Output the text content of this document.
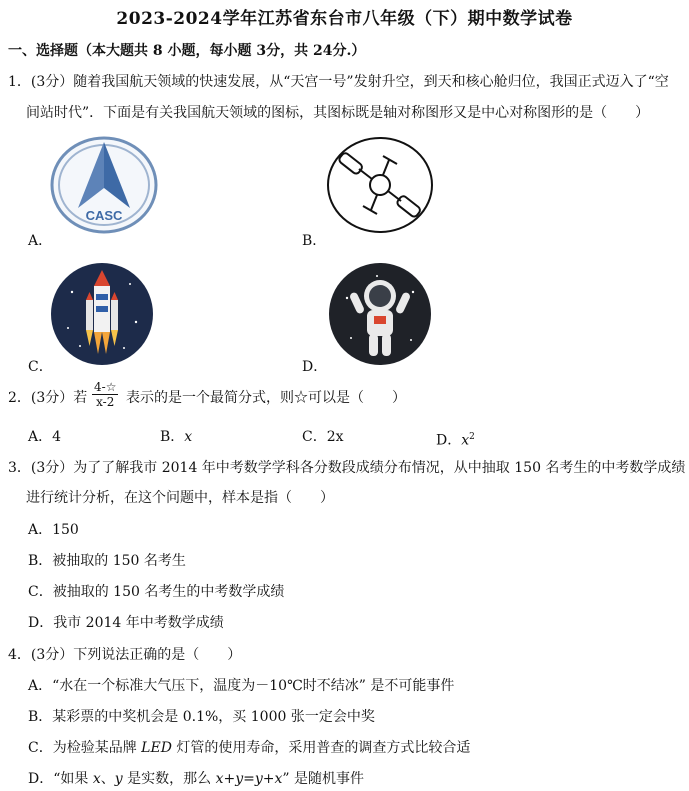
2023-2024学年江苏省东台市八年级（下）期中数学试卷
一、选择题（本大题共 8 小题，每小题 3分，共 24分.）
1．(3分）随着我国航天领域的快速发展，从“天宫一号”发射升空，到天和核心舱归位，我国正式迈入了“空
间站时代”．下面是有关我国航天领域的图标，其图标既是轴对称图形又是中心对称图形的是（　　）
CASC
A．	B．
C．	D．
2．(3分）若 $\frac{4-☆}{x-2}$ 表示的是一个最简分式，则☆可以是（　　）
A．4	B．x	C．2x	D．$x^2$
3．(3分）为了了解我市 2014 年中考数学学科各分数段成绩分布情况，从中抽取 150 名考生的中考数学成绩
进行统计分析，在这个问题中，样本是指（　　）
A．150
B．被抽取的 150 名考生
C．被抽取的 150 名考生的中考数学成绩
D．我市 2014 年中考数学成绩
4．(3分）下列说法正确的是（　　）
A．“水在一个标准大气压下，温度为－10℃时不结冰” 是不可能事件
B．某彩票的中奖机会是 0.1%，买 1000 张一定会中奖
C．为检验某品牌 LED 灯管的使用寿命，采用普查的调查方式比较合适
D．“如果 x、y 是实数，那么 x+y=y+x” 是随机事件
